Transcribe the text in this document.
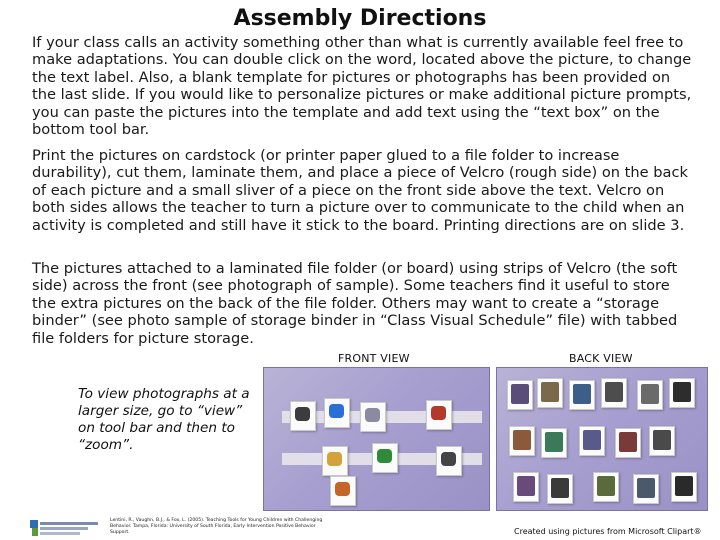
Assembly Directions
If your class calls an activity something other than what is currently available feel free to make adaptations. You can double click on the word, located above the picture, to change the text label. Also, a blank template for pictures or photographs has been provided on the last slide. If you would like to personalize pictures or make additional picture prompts, you can paste the pictures into the template and add text using the “text box” on the bottom tool bar.
Print the pictures on cardstock (or printer paper glued to a file folder to increase durability), cut them, laminate them, and place a piece of Velcro (rough side) on the back of each picture and a small sliver of a piece on the front side above the text. Velcro on both sides allows the teacher to turn a picture over to communicate to the child when an activity is completed and still have it stick to the board. Printing directions are on slide 3.
The pictures attached to a laminated file folder (or board) using strips of Velcro (the soft side) across the front (see photograph of sample). Some teachers find it useful to store the extra pictures on the back of the file folder. Others may want to create a “storage binder” (see photo sample of storage binder in “Class Visual Schedule” file) with tabbed file folders for picture storage.
FRONT VIEW	BACK VIEW
To view photographs at a larger size, go to “view” on tool bar and then to “zoom”.
Lentini, R., Vaughn, B.J., & Fox, L. (2005). Teaching Tools for Young Children with Challenging Behavior. Tampa, Florida: University of South Florida, Early Intervention Positive Behavior Support.	Created using pictures from Microsoft Clipart®
